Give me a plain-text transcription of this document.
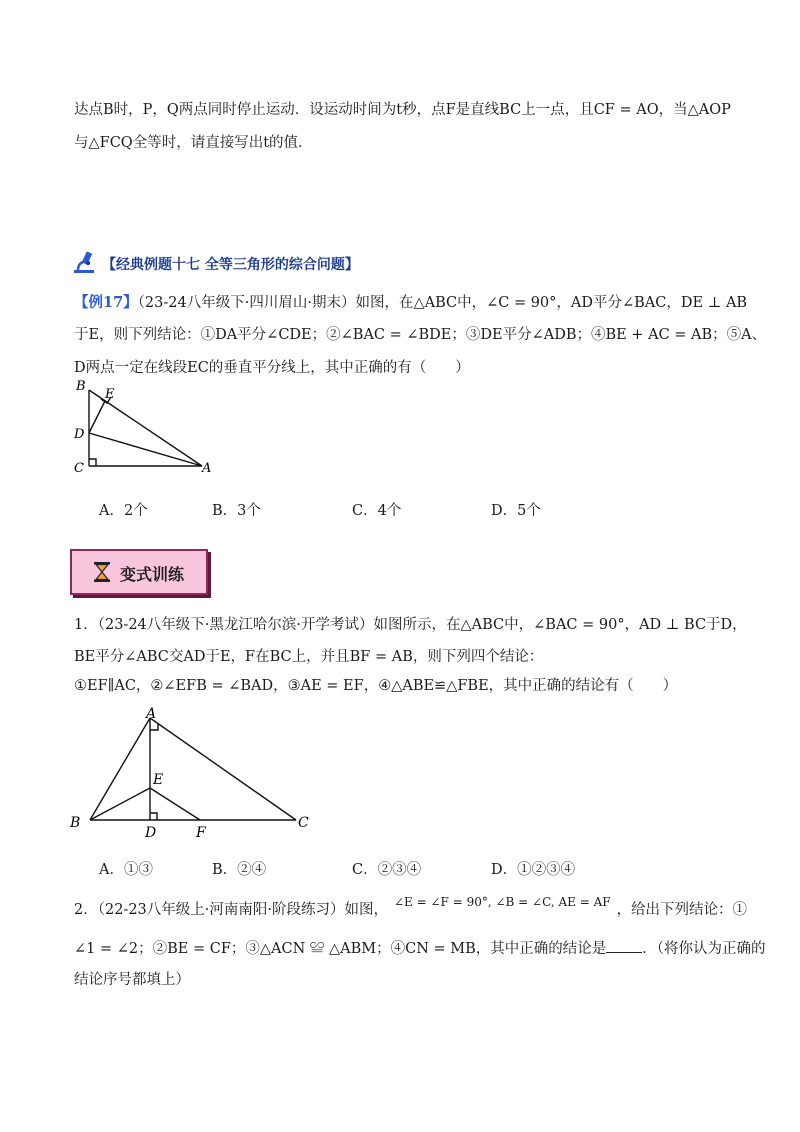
达点B时，P，Q两点同时停止运动．设运动时间为t秒，点F是直线BC上一点，且CF = AO，当△AOP
与△FCQ全等时，请直接写出t的值．
【经典例题十七 全等三角形的综合问题】
【例17】（23-24八年级下·四川眉山·期末）如图，在△ABC中，∠C = 90°，AD平分∠BAC，DE ⊥ AB
于E，则下列结论：①DA平分∠CDE；②∠BAC = ∠BDE；③DE平分∠ADB；④BE + AC = AB；⑤A、
D两点一定在线段EC的垂直平分线上，其中正确的有（　　）
B
E
D
C	A
A．2个	B．3个	C．4个	D．5个
变式训练
1．（23-24八年级下·黑龙江哈尔滨·开学考试）如图所示，在△ABC中，∠BAC = 90°，AD ⊥ BC于D，
BE平分∠ABC交AD于E，F在BC上，并且BF = AB，则下列四个结论：
①EF∥AC，②∠EFB = ∠BAD，③AE = EF，④△ABE≌△FBE，其中正确的结论有（　　）
A
E
B
D	F
C
A．①③	B．②④	C．②③④	D．①②③④
2．（22-23八年级上·河南南阳·阶段练习）如图， $^{\angle E = \angle F = 90^\circ, \angle B = \angle C, AE = AF}$ ，给出下列结论：①
∠1 = ∠2；②BE = CF；③△ACN ≌ △ABM；④CN = MB，其中正确的结论是 ．（将你认为正确的
结论序号都填上）
